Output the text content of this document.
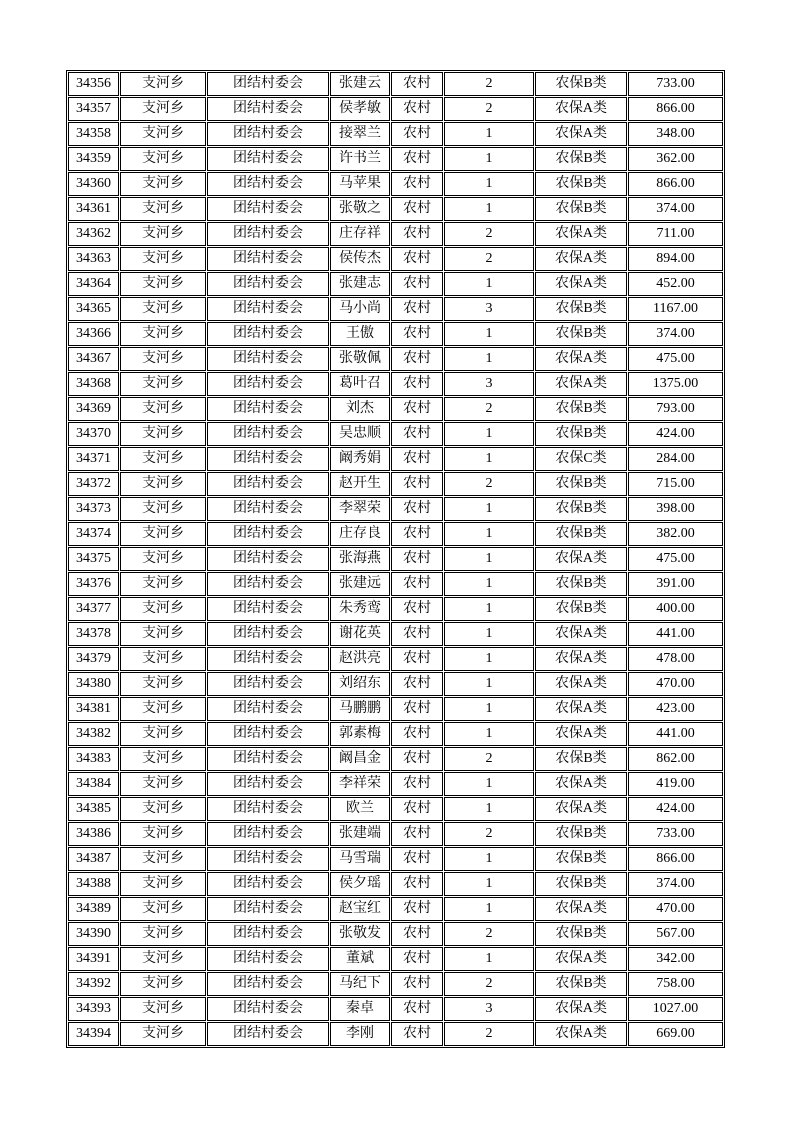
34356	支河乡	团结村委会	张建云	农村	2	农保B类	733.00
34357	支河乡	团结村委会	侯孝敏	农村	2	农保A类	866.00
34358	支河乡	团结村委会	接翠兰	农村	1	农保A类	348.00
34359	支河乡	团结村委会	许书兰	农村	1	农保B类	362.00
34360	支河乡	团结村委会	马苹果	农村	1	农保B类	866.00
34361	支河乡	团结村委会	张敬之	农村	1	农保B类	374.00
34362	支河乡	团结村委会	庄存祥	农村	2	农保A类	711.00
34363	支河乡	团结村委会	侯传杰	农村	2	农保A类	894.00
34364	支河乡	团结村委会	张建志	农村	1	农保A类	452.00
34365	支河乡	团结村委会	马小尚	农村	3	农保B类	1167.00
34366	支河乡	团结村委会	王傲	农村	1	农保B类	374.00
34367	支河乡	团结村委会	张敬佩	农村	1	农保A类	475.00
34368	支河乡	团结村委会	葛叶召	农村	3	农保A类	1375.00
34369	支河乡	团结村委会	刘杰	农村	2	农保B类	793.00
34370	支河乡	团结村委会	吴忠顺	农村	1	农保B类	424.00
34371	支河乡	团结村委会	阚秀娟	农村	1	农保C类	284.00
34372	支河乡	团结村委会	赵开生	农村	2	农保B类	715.00
34373	支河乡	团结村委会	李翠荣	农村	1	农保B类	398.00
34374	支河乡	团结村委会	庄存良	农村	1	农保B类	382.00
34375	支河乡	团结村委会	张海燕	农村	1	农保A类	475.00
34376	支河乡	团结村委会	张建远	农村	1	农保B类	391.00
34377	支河乡	团结村委会	朱秀鸾	农村	1	农保B类	400.00
34378	支河乡	团结村委会	谢花英	农村	1	农保A类	441.00
34379	支河乡	团结村委会	赵洪亮	农村	1	农保A类	478.00
34380	支河乡	团结村委会	刘绍东	农村	1	农保A类	470.00
34381	支河乡	团结村委会	马鹏鹏	农村	1	农保A类	423.00
34382	支河乡	团结村委会	郭素梅	农村	1	农保A类	441.00
34383	支河乡	团结村委会	阚昌金	农村	2	农保B类	862.00
34384	支河乡	团结村委会	李祥荣	农村	1	农保A类	419.00
34385	支河乡	团结村委会	欧兰	农村	1	农保A类	424.00
34386	支河乡	团结村委会	张建端	农村	2	农保B类	733.00
34387	支河乡	团结村委会	马雪瑞	农村	1	农保B类	866.00
34388	支河乡	团结村委会	侯夕瑶	农村	1	农保B类	374.00
34389	支河乡	团结村委会	赵宝红	农村	1	农保A类	470.00
34390	支河乡	团结村委会	张敬发	农村	2	农保B类	567.00
34391	支河乡	团结村委会	董斌	农村	1	农保A类	342.00
34392	支河乡	团结村委会	马纪下	农村	2	农保B类	758.00
34393	支河乡	团结村委会	秦卓	农村	3	农保A类	1027.00
34394	支河乡	团结村委会	李刚	农村	2	农保A类	669.00
